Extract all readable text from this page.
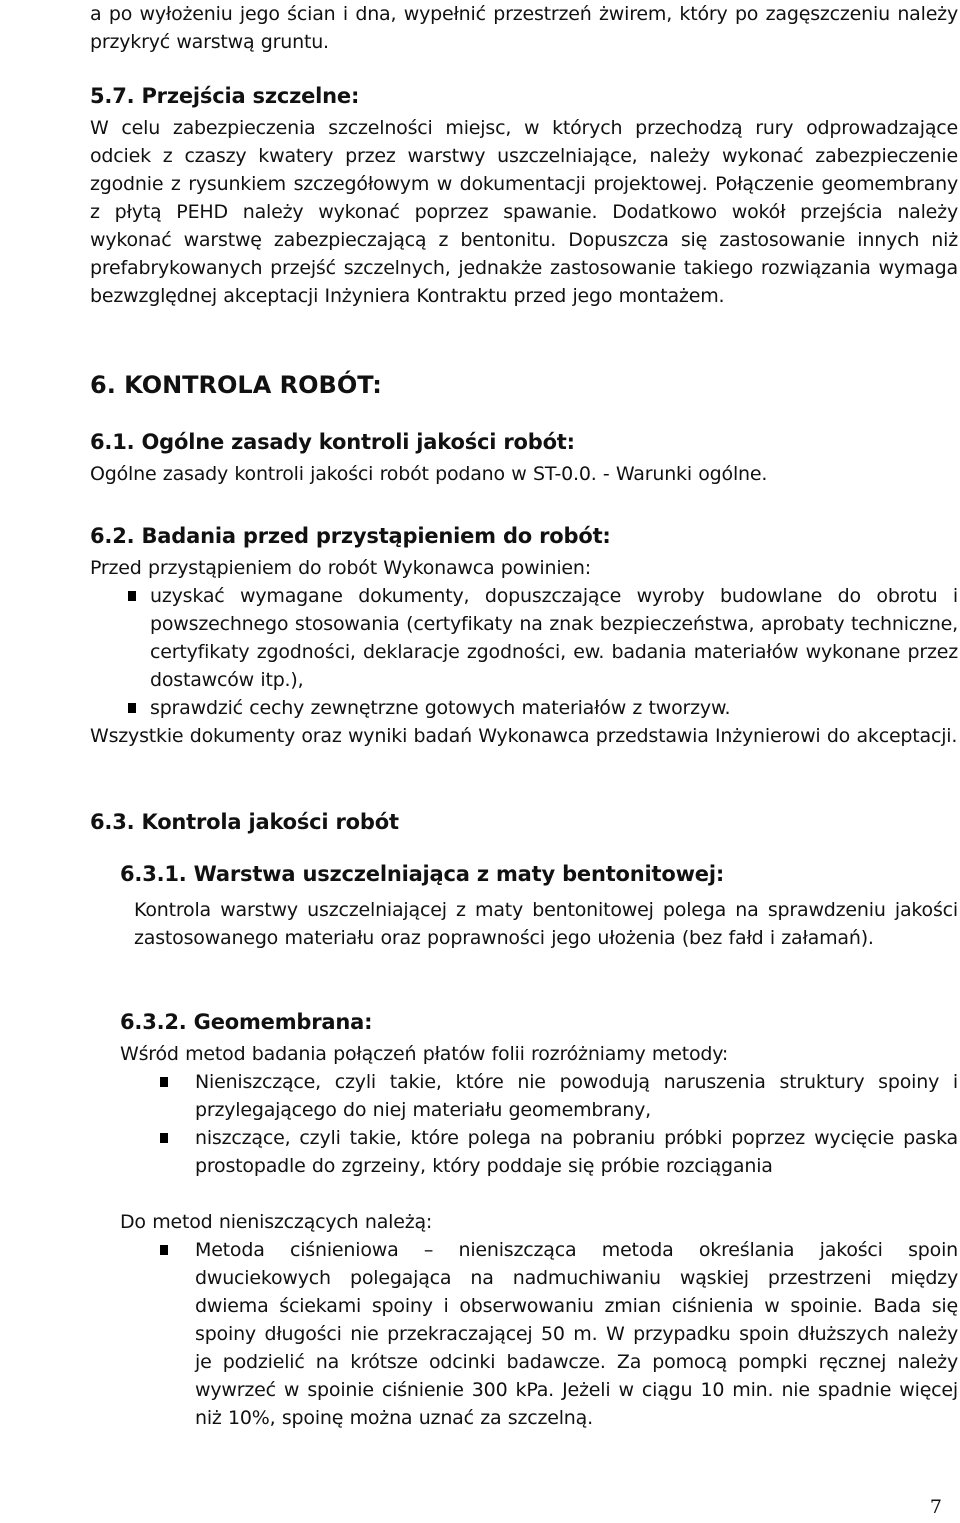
a po wyłożeniu jego ścian i dna, wypełnić przestrzeń żwirem, który po zagęszczeniu należy przykryć warstwą gruntu.

5.7. Przejścia szczelne:

W celu zabezpieczenia szczelności miejsc, w których przechodzą rury odprowadzające odciek z czaszy kwatery przez warstwy uszczelniające, należy wykonać zabezpieczenie zgodnie z rysunkiem szczegółowym w dokumentacji projektowej. Połączenie geomembrany z płytą PEHD należy wykonać poprzez spawanie. Dodatkowo wokół przejścia należy wykonać warstwę zabezpieczającą z bentonitu. Dopuszcza się zastosowanie innych niż prefabrykowanych przejść szczelnych, jednakże zastosowanie takiego rozwiązania wymaga bezwzględnej akceptacji Inżyniera Kontraktu przed jego montażem.

6. KONTROLA ROBÓT:

6.1. Ogólne zasady kontroli jakości robót:

Ogólne zasady kontroli jakości robót podano w ST-0.0. - Warunki ogólne.

6.2. Badania przed przystąpieniem do robót:

Przed przystąpieniem do robót Wykonawca powinien:

uzyskać wymagane dokumenty, dopuszczające wyroby budowlane do obrotu i powszechnego stosowania (certyfikaty na znak bezpieczeństwa, aprobaty techniczne, certyfikaty zgodności, deklaracje zgodności, ew. badania materiałów wykonane przez dostawców itp.),

sprawdzić cechy zewnętrzne gotowych materiałów z tworzyw.

Wszystkie dokumenty oraz wyniki badań Wykonawca przedstawia Inżynierowi do akceptacji.

6.3. Kontrola jakości robót

6.3.1. Warstwa uszczelniająca z maty bentonitowej:

Kontrola warstwy uszczelniającej z maty bentonitowej polega na sprawdzeniu jakości zastosowanego materiału oraz poprawności jego ułożenia (bez fałd i załamań).

6.3.2. Geomembrana:

Wśród metod badania połączeń płatów folii rozróżniamy metody:

Nieniszczące, czyli takie, które nie powodują naruszenia struktury spoiny i przylegającego do niej materiału geomembrany,

niszczące, czyli takie, które polega na pobraniu próbki poprzez wycięcie paska prostopadle do zgrzeiny, który poddaje się próbie rozciągania

Do metod nieniszczących należą:

Metoda ciśnieniowa – nieniszcząca metoda określania jakości spoin dwuciekowych polegająca na nadmuchiwaniu wąskiej przestrzeni między dwiema ściekami spoiny i obserwowaniu zmian ciśnienia w spoinie. Bada się spoiny długości nie przekraczającej 50 m. W przypadku spoin dłuższych należy je podzielić na krótsze odcinki badawcze. Za pomocą pompki ręcznej należy wywrzeć w spoinie ciśnienie 300 kPa. Jeżeli w ciągu 10 min. nie spadnie więcej niż 10%, spoinę można uznać za szczelną.

7
